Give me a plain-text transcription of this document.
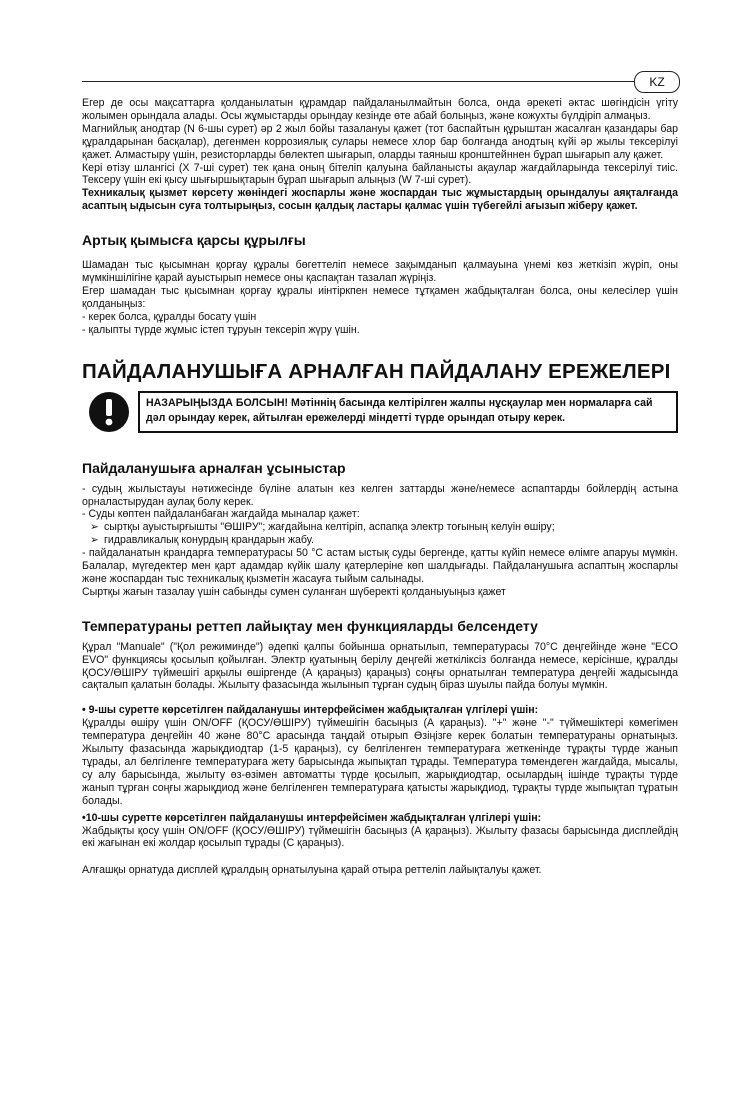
KZ

Егер де осы мақсаттарға қолданылатын құрамдар пайдаланылмайтын болса, онда әрекеті әктас шөгіндісін үгіту жолымен орындала алады. Осы жұмыстарды орындау кезінде өте абай болыңыз, және кожухты бүлдіріп алмаңыз.

Магнийлық анодтар (N 6-шы сурет) әр 2 жыл бойы тазалануы қажет (тот баспайтын құрыштан жасалған қазандары бар құралдарынан басқалар), дегенмен коррозиялық сулары немесе хлор бар болғанда анодтың күйі әр жылы тексерілуі қажет. Алмастыру үшін, резисторларды бөлектеп шығарып, оларды таяныш кронштейннен бұрап шығарып алу қажет.

Кері өтізу шлангісі (X 7-ші сурет) тек қана оның бітеліп қалуына байланысты ақаулар жағдайларында тексерілуі тиіс. Тексеру үшін екі қысу шығыршықтарын бұрап шығарып алыңыз (W 7-ші сурет).

Техникалық қызмет көрсету жөніндегі жоспарлы және жоспардан тыс жұмыстардың орындалуы аяқталғанда асаптың ыдысын суға толтырыңыз, сосын қалдық ластары қалмас үшін түбегейлі ағызып жіберу қажет.

Артық қымысға қарсы құрылғы

Шамадан тыс қысымнан қорғау құралы бөгеттеліп немесе зақымданып қалмауына үнемі көз жеткізіп жүріп, оны мүмкіншілігіне қарай ауыстырып немесе оны қаспақтан тазалап жүріңіз.

Егер шамадан тыс қысымнан қорғау құралы иінтіркпен немесе тұтқамен жабдықталған болса, оны келесілер үшін қолданыңыз:

- керек болса, құралды босату үшін

- қалыпты түрде жұмыс істеп тұруын тексеріп жүру үшін.

ПАЙДАЛАНУШЫҒА АРНАЛҒАН ПАЙДАЛАНУ ЕРЕЖЕЛЕРІ
НАЗАРЫҢЫЗДА БОЛСЫН! Мәтіннің басында келтірілген жалпы нұсқаулар мен нормаларға сай дәл орындау керек, айтылған ережелерді міндетті түрде орындап отыру керек.
Пайдаланушыға арналған ұсыныстар

- судың жылыстауы нәтижесінде бүліне алатын кез келген заттарды және/немесе аспаптарды бойлердің астына орналастырудан аулақ болу керек.

- Суды көптен пайдаланбаған жағдайда мыналар қажет:

➢ сыртқы ауыстырғышты "ӨШІРУ"; жағдайына келтіріп, аспапқа электр тоғының келуін өшіру;

➢ гидравликалық конурдың крандарын жабу.

- пайдаланатын крандарға температурасы 50 °С астам ыстық суды бергенде, қатты күйіп немесе өлімге апаруы мүмкін. Балалар, мүгедектер мен қарт адамдар күйік шалу қатерлеріне көп шалдығады. Пайдаланушыға аспаптың жоспарлы және жоспардан тыс техникалық қызметін жасауға тыйым салынады.

Сыртқы жағын тазалау үшін сабынды сумен суланған шүберекті қолданыуыңыз қажет

Температураны реттеп лайықтау мен функцияларды белсендету

Құрал "Manuale" ("Қол режиминде") әдепкі қалпы бойынша орнатылып, температурасы 70°С деңгейінде және "ECO EVO" функциясы қосылып қойылған. Электр қуатының берілу деңгейі жеткіліксіз болғанда немесе, керісінше, құралды ҚОСУ/ӨШІРУ түймешігі арқылы өшіргенде (А қараңыз) қараңыз) соңғы орнатылған температура деңгейі жадысында сақталып қалатын болады. Жылыту фазасында жылынып тұрған судың біраз шуылы пайда болуы мүмкін.

• 9-шы суретте көрсетілген пайдаланушы интерфейсімен жабдықталған үлгілері үшін:

Құралды өшіру үшін ON/OFF (ҚОСУ/ӨШІРУ) түймешігін басыңыз (А қараңыз). "+" және "-" түймешіктері көмегімен температура деңгейін 40 және 80°С арасында таңдай отырып Өзіңізге керек болатын температураны орнатыңыз. Жылыту фазасында жарықдиодтар (1-5 қараңыз), су белгіленген температураға жеткенінде тұрақты түрде жанып тұрады, ал белгіленге температураға жету барысында жыпықтап тұрады. Температура төмендеген жағдайда, мысалы, су алу барысында, жылыту өз-өзімен автоматты түрде қосылып, жарықдиодтар, осылардың ішінде тұрақты түрде жанып тұрған соңғы жарықдиод және белгіленген температураға қатысты жарықдиод, тұрақты түрде жыпықтап тұратын болады.

•10-шы суретте көрсетілген пайдаланушы интерфейсімен жабдықталған үлгілері үшін:

Жабдықты қосу үшін ON/OFF (ҚОСУ/ӨШІРУ) түймешігін басыңыз (А қараңыз). Жылыту фазасы барысында дисплейдің екі жағынан екі жолдар қосылып тұрады (С қараңыз).

Алғашқы орнатуда дисплей құралдың орнатылуына қарай отыра реттеліп лайықталуы қажет.
